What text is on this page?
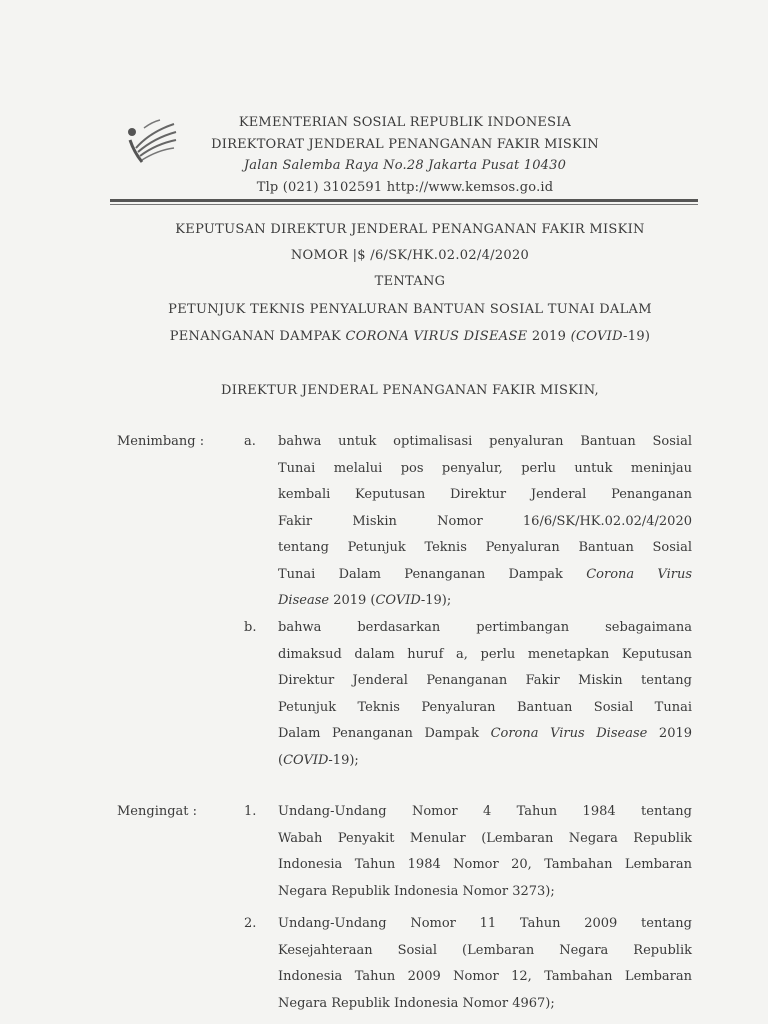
KEMENTERIAN SOSIAL REPUBLIK INDONESIA
DIREKTORAT JENDERAL PENANGANAN FAKIR MISKIN
Jalan Salemba Raya No.28 Jakarta Pusat 10430
Tlp (021) 3102591 http://www.kemsos.go.id
KEPUTUSAN DIREKTUR JENDERAL PENANGANAN FAKIR MISKIN
NOMOR |$ /6/SK/HK.02.02/4/2020
TENTANG
PETUNJUK TEKNIS PENYALURAN BANTUAN SOSIAL TUNAI DALAM
PENANGANAN DAMPAK CORONA VIRUS DISEASE 2019 (COVID-19)
DIREKTUR JENDERAL PENANGANAN FAKIR MISKIN,
Menimbang :	a. bahwa untuk optimalisasi penyaluran Bantuan Sosial
Tunai melalui pos penyalur, perlu untuk meninjau
kembali Keputusan Direktur Jenderal Penanganan
Fakir Miskin Nomor 16/6/SK/HK.02.02/4/2020
tentang Petunjuk Teknis Penyaluran Bantuan Sosial
Tunai Dalam Penanganan Dampak Corona Virus
Disease 2019 (COVID-19);
b. bahwa berdasarkan pertimbangan sebagaimana
dimaksud dalam huruf a, perlu menetapkan Keputusan
Direktur Jenderal Penanganan Fakir Miskin tentang
Petunjuk Teknis Penyaluran Bantuan Sosial Tunai
Dalam Penanganan Dampak Corona Virus Disease 2019
(COVID-19);
Mengingat :	1. Undang-Undang Nomor 4 Tahun 1984 tentang
Wabah Penyakit Menular (Lembaran Negara Republik
Indonesia Tahun 1984 Nomor 20, Tambahan Lembaran
Negara Republik Indonesia Nomor 3273);
2. Undang-Undang Nomor 11 Tahun 2009 tentang
Kesejahteraan Sosial (Lembaran Negara Republik
Indonesia Tahun 2009 Nomor 12, Tambahan Lembaran
Negara Republik Indonesia Nomor 4967);
